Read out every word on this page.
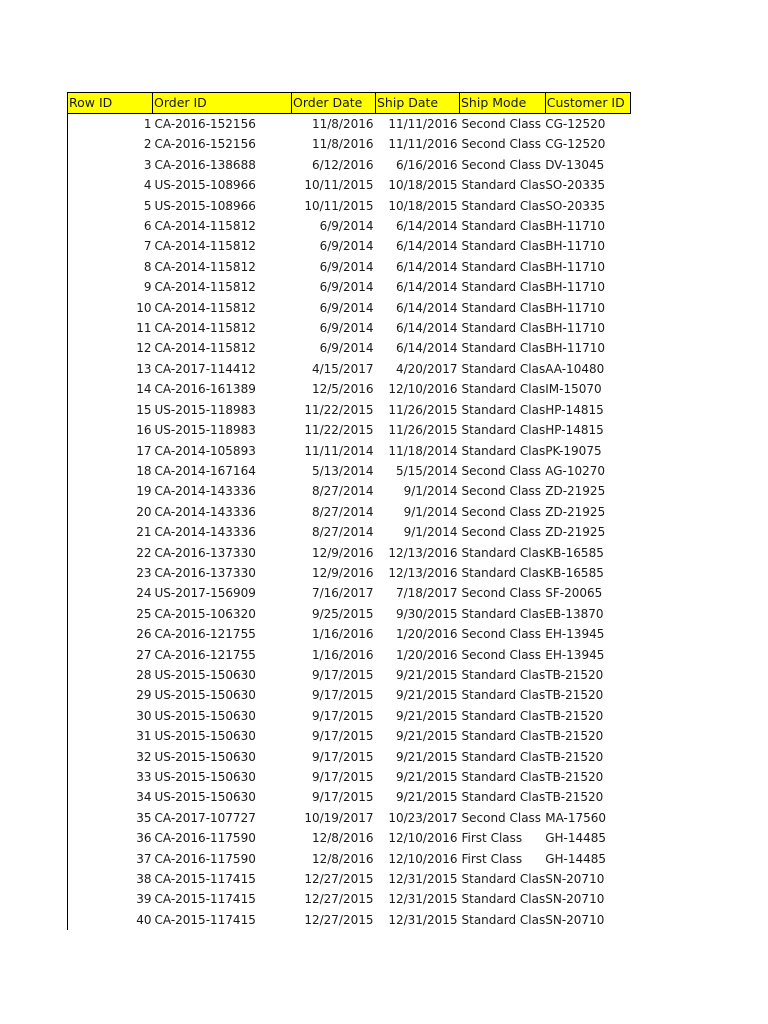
Row ID	Order ID	Order Date	Ship Date	Ship Mode	Customer ID
1	CA-2016-152156	11/8/2016	11/11/2016	Second Class	CG-12520
2	CA-2016-152156	11/8/2016	11/11/2016	Second Class	CG-12520
3	CA-2016-138688	6/12/2016	6/16/2016	Second Class	DV-13045
4	US-2015-108966	10/11/2015	10/18/2015	Standard Clas	SO-20335
5	US-2015-108966	10/11/2015	10/18/2015	Standard Clas	SO-20335
6	CA-2014-115812	6/9/2014	6/14/2014	Standard Clas	BH-11710
7	CA-2014-115812	6/9/2014	6/14/2014	Standard Clas	BH-11710
8	CA-2014-115812	6/9/2014	6/14/2014	Standard Clas	BH-11710
9	CA-2014-115812	6/9/2014	6/14/2014	Standard Clas	BH-11710
10	CA-2014-115812	6/9/2014	6/14/2014	Standard Clas	BH-11710
11	CA-2014-115812	6/9/2014	6/14/2014	Standard Clas	BH-11710
12	CA-2014-115812	6/9/2014	6/14/2014	Standard Clas	BH-11710
13	CA-2017-114412	4/15/2017	4/20/2017	Standard Clas	AA-10480
14	CA-2016-161389	12/5/2016	12/10/2016	Standard Clas	IM-15070
15	US-2015-118983	11/22/2015	11/26/2015	Standard Clas	HP-14815
16	US-2015-118983	11/22/2015	11/26/2015	Standard Clas	HP-14815
17	CA-2014-105893	11/11/2014	11/18/2014	Standard Clas	PK-19075
18	CA-2014-167164	5/13/2014	5/15/2014	Second Class	AG-10270
19	CA-2014-143336	8/27/2014	9/1/2014	Second Class	ZD-21925
20	CA-2014-143336	8/27/2014	9/1/2014	Second Class	ZD-21925
21	CA-2014-143336	8/27/2014	9/1/2014	Second Class	ZD-21925
22	CA-2016-137330	12/9/2016	12/13/2016	Standard Clas	KB-16585
23	CA-2016-137330	12/9/2016	12/13/2016	Standard Clas	KB-16585
24	US-2017-156909	7/16/2017	7/18/2017	Second Class	SF-20065
25	CA-2015-106320	9/25/2015	9/30/2015	Standard Clas	EB-13870
26	CA-2016-121755	1/16/2016	1/20/2016	Second Class	EH-13945
27	CA-2016-121755	1/16/2016	1/20/2016	Second Class	EH-13945
28	US-2015-150630	9/17/2015	9/21/2015	Standard Clas	TB-21520
29	US-2015-150630	9/17/2015	9/21/2015	Standard Clas	TB-21520
30	US-2015-150630	9/17/2015	9/21/2015	Standard Clas	TB-21520
31	US-2015-150630	9/17/2015	9/21/2015	Standard Clas	TB-21520
32	US-2015-150630	9/17/2015	9/21/2015	Standard Clas	TB-21520
33	US-2015-150630	9/17/2015	9/21/2015	Standard Clas	TB-21520
34	US-2015-150630	9/17/2015	9/21/2015	Standard Clas	TB-21520
35	CA-2017-107727	10/19/2017	10/23/2017	Second Class	MA-17560
36	CA-2016-117590	12/8/2016	12/10/2016	First Class	GH-14485
37	CA-2016-117590	12/8/2016	12/10/2016	First Class	GH-14485
38	CA-2015-117415	12/27/2015	12/31/2015	Standard Clas	SN-20710
39	CA-2015-117415	12/27/2015	12/31/2015	Standard Clas	SN-20710
40	CA-2015-117415	12/27/2015	12/31/2015	Standard Clas	SN-20710
